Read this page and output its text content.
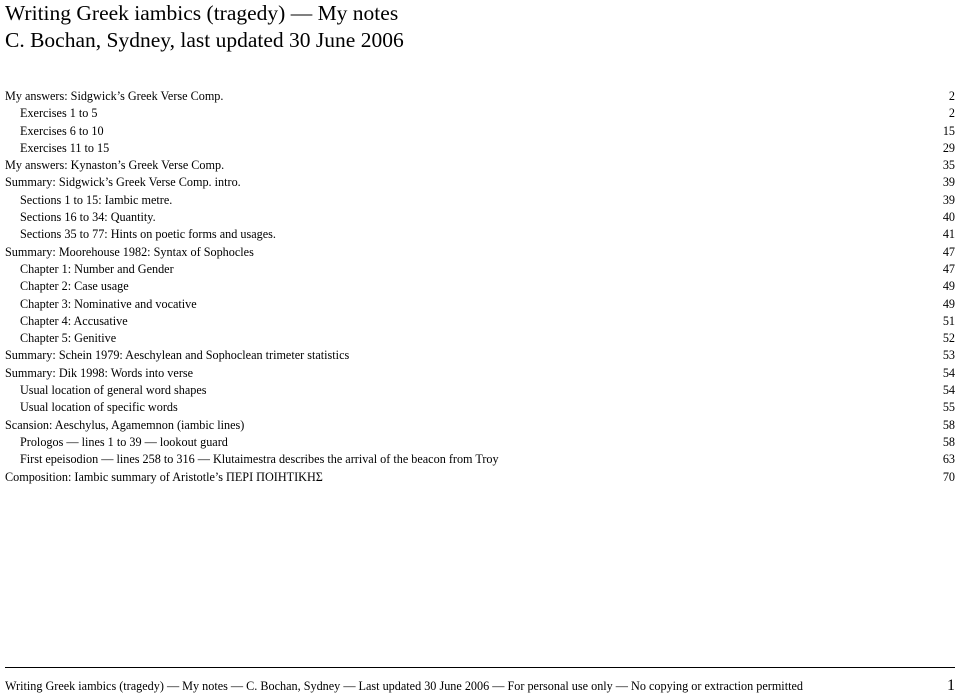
Writing Greek iambics (tragedy) — My notes
C. Bochan, Sydney, last updated 30 June 2006
My answers: Sidgwick’s Greek Verse Comp.	2
Exercises 1 to 5	2
Exercises 6 to 10	15
Exercises 11 to 15	29
My answers: Kynaston’s Greek Verse Comp.	35
Summary: Sidgwick’s Greek Verse Comp. intro.	39
Sections 1 to 15: Iambic metre.	39
Sections 16 to 34: Quantity.	40
Sections 35 to 77: Hints on poetic forms and usages.	41
Summary: Moorehouse 1982: Syntax of Sophocles	47
Chapter 1: Number and Gender	47
Chapter 2: Case usage	49
Chapter 3: Nominative and vocative	49
Chapter 4: Accusative	51
Chapter 5: Genitive	52
Summary: Schein 1979: Aeschylean and Sophoclean trimeter statistics	53
Summary: Dik 1998: Words into verse	54
Usual location of general word shapes	54
Usual location of specific words	55
Scansion: Aeschylus, Agamemnon (iambic lines)	58
Prologos — lines 1 to 39 — lookout guard	58
First epeisodion — lines 258 to 316 — Klutaimestra describes the arrival of the beacon from Troy	63
Composition: Iambic summary of Aristotle’s ΠΕΡΙ ΠΟΙΗΤΙΚΗΣ	70
Writing Greek iambics (tragedy) — My notes — C. Bochan, Sydney — Last updated 30 June 2006 — For personal use only — No copying or extraction permitted	1
